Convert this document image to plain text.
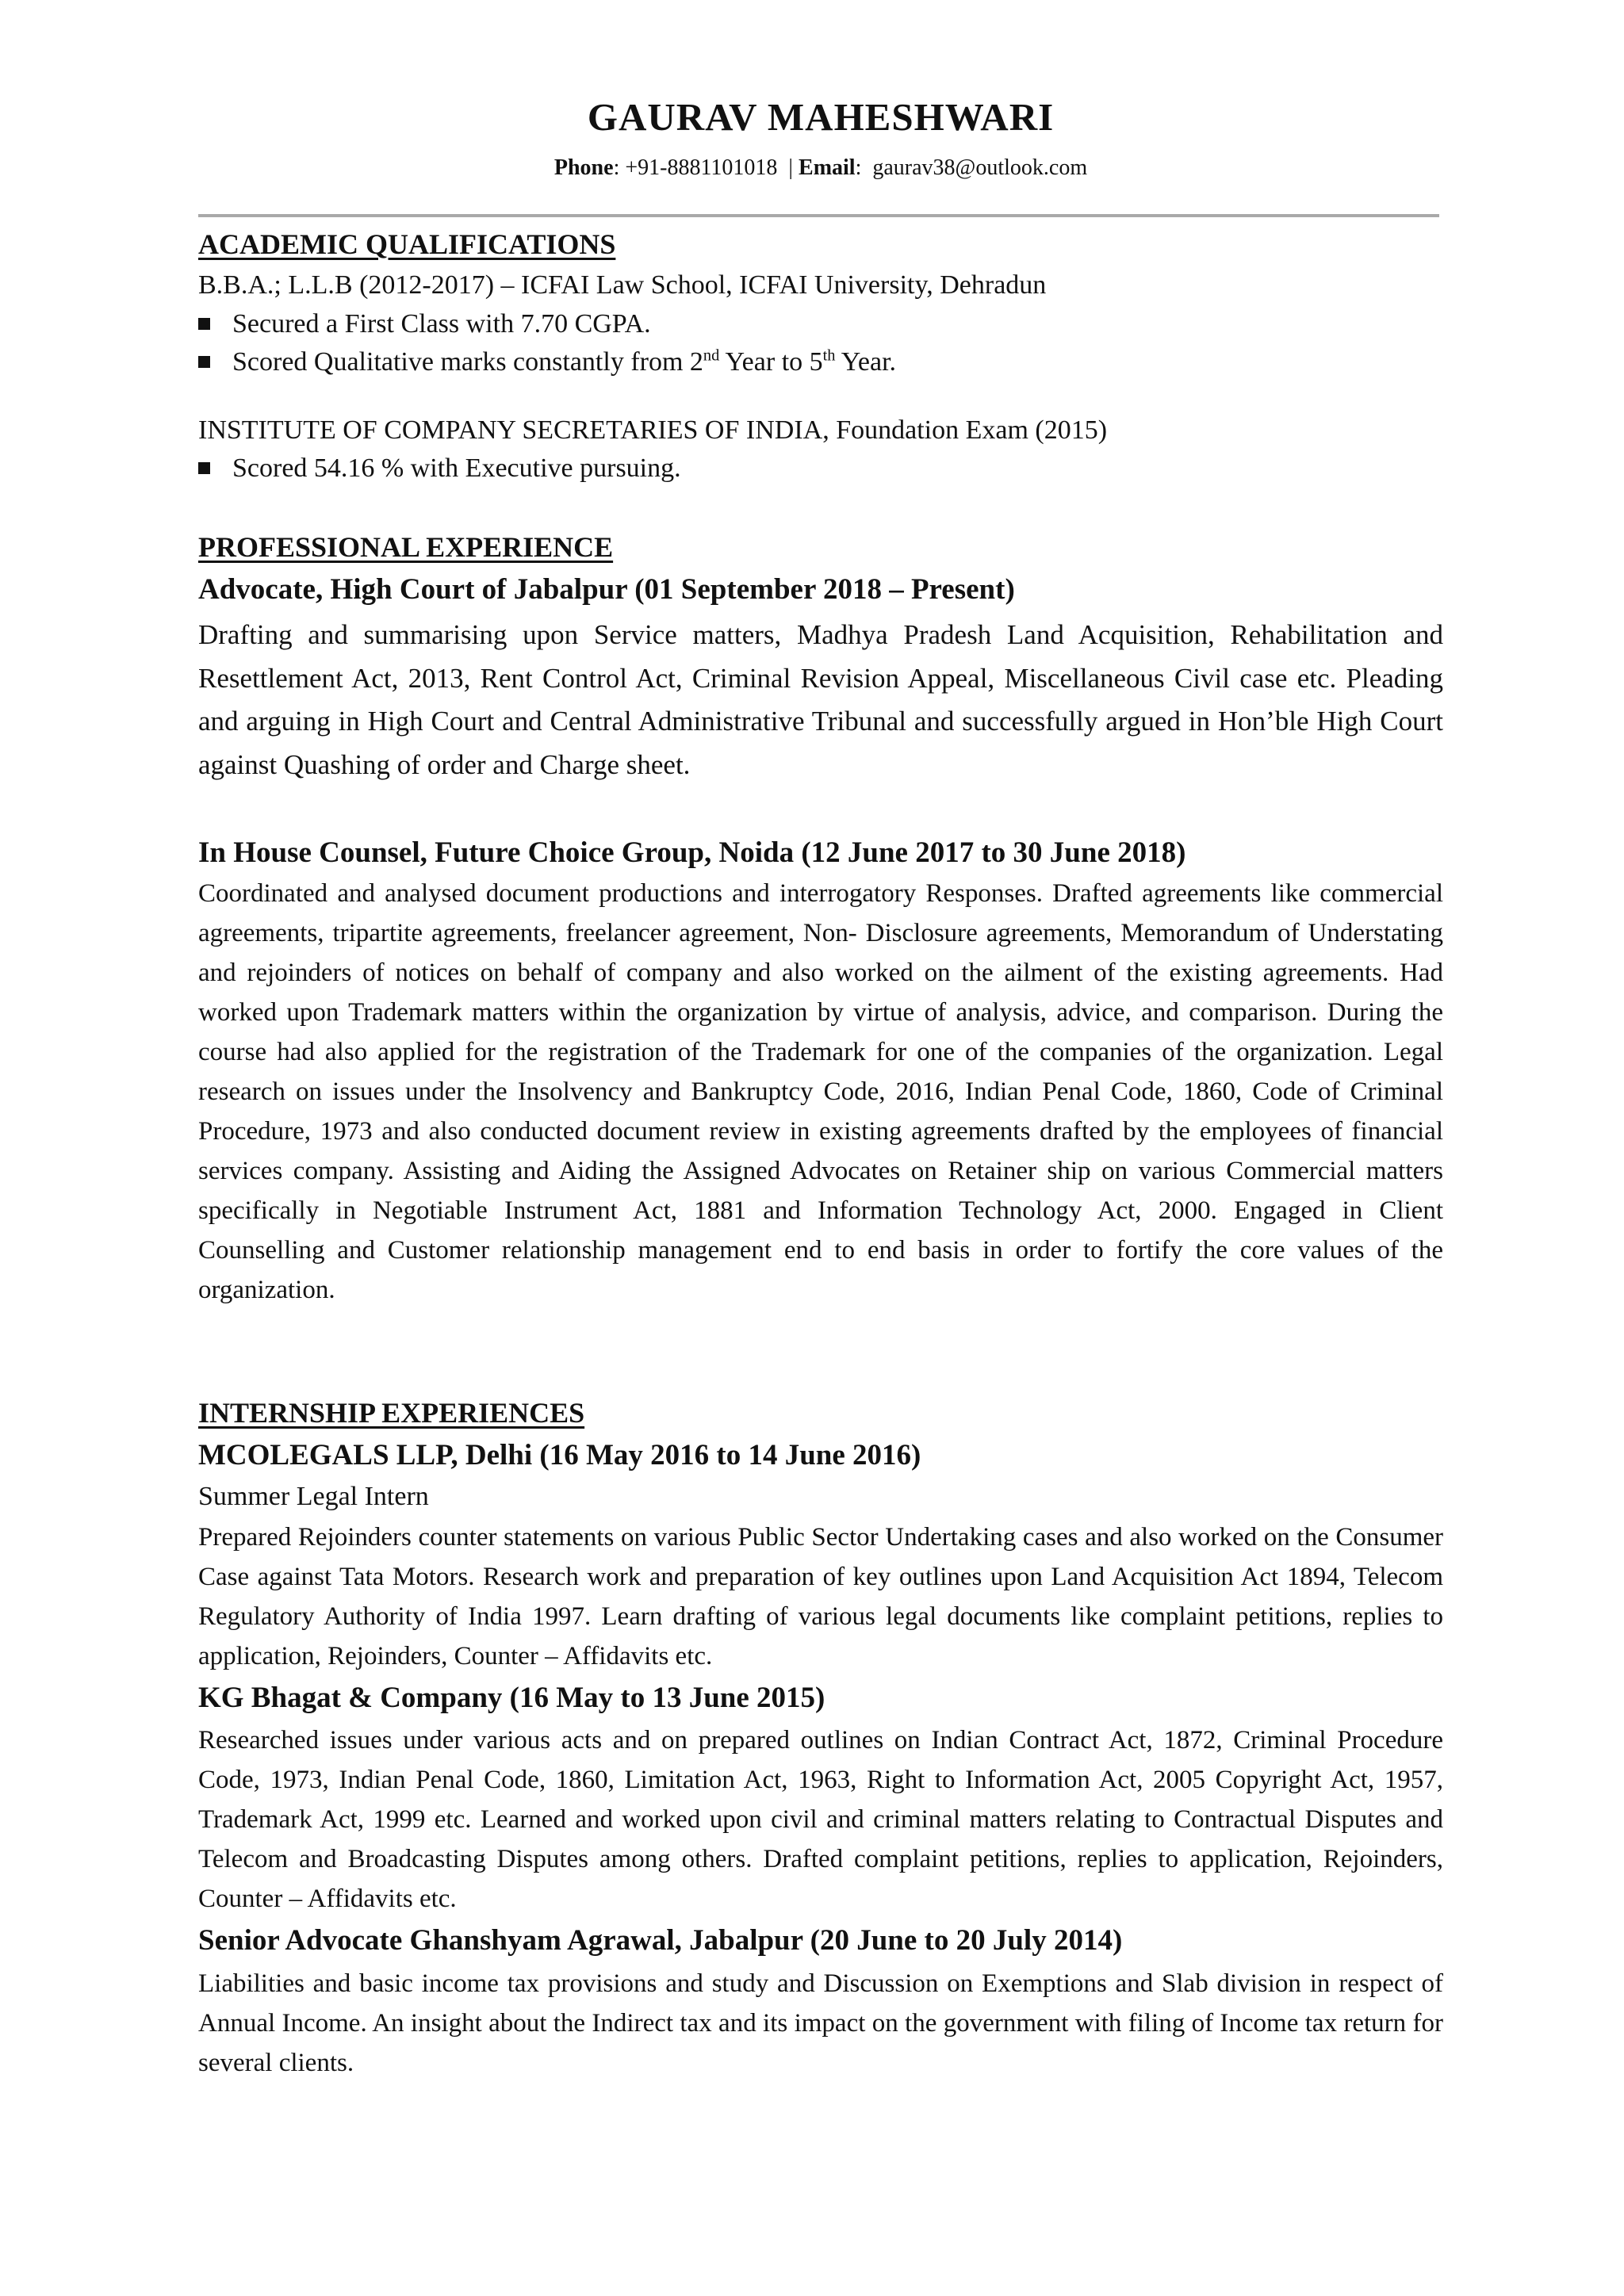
GAURAV MAHESHWARI
Phone: +91-8881101018  | Email:  gaurav38@outlook.com
ACADEMIC QUALIFICATIONS
B.B.A.; L.L.B (2012-2017) – ICFAI Law School, ICFAI University, Dehradun
Secured a First Class with 7.70 CGPA.
Scored Qualitative marks constantly from 2nd Year to 5th Year.
INSTITUTE OF COMPANY SECRETARIES OF INDIA, Foundation Exam (2015)
Scored 54.16 % with Executive pursuing.
PROFESSIONAL EXPERIENCE
Advocate, High Court of Jabalpur (01 September 2018 – Present)
Drafting and summarising upon Service matters, Madhya Pradesh Land Acquisition, Rehabilitation and Resettlement Act, 2013, Rent Control Act, Criminal Revision Appeal, Miscellaneous Civil case etc. Pleading and arguing in High Court and Central Administrative Tribunal and successfully argued in Hon’ble High Court against Quashing of order and Charge sheet.
In House Counsel, Future Choice Group, Noida (12 June 2017 to 30 June 2018)
Coordinated and analysed document productions and interrogatory Responses. Drafted agreements like commercial agreements, tripartite agreements, freelancer agreement, Non- Disclosure agreements, Memorandum of Understating and rejoinders of notices on behalf of company and also worked on the ailment of the existing agreements. Had worked upon Trademark matters within the organization by virtue of analysis, advice, and comparison. During the course had also applied for the registration of the Trademark for one of the companies of the organization. Legal research on issues under the Insolvency and Bankruptcy Code, 2016, Indian Penal Code, 1860, Code of Criminal Procedure, 1973 and also conducted document review in existing agreements drafted by the employees of financial services company. Assisting and Aiding the Assigned Advocates on Retainer ship on various Commercial matters specifically in Negotiable Instrument Act, 1881 and Information Technology Act, 2000. Engaged in Client Counselling and Customer relationship management end to end basis in order to fortify the core values of the organization.
INTERNSHIP EXPERIENCES
MCOLEGALS LLP, Delhi (16 May 2016 to 14 June 2016)
Summer Legal Intern
Prepared Rejoinders counter statements on various Public Sector Undertaking cases and also worked on the Consumer Case against Tata Motors. Research work and preparation of key outlines upon Land Acquisition Act 1894, Telecom Regulatory Authority of India 1997. Learn drafting of various legal documents like complaint petitions, replies to application, Rejoinders, Counter – Affidavits etc.
KG Bhagat & Company (16 May to 13 June 2015)
Researched issues under various acts and on prepared outlines on Indian Contract Act, 1872, Criminal Procedure Code, 1973, Indian Penal Code, 1860, Limitation Act, 1963, Right to Information Act, 2005 Copyright Act, 1957, Trademark Act, 1999 etc. Learned and worked upon civil and criminal matters relating to Contractual Disputes and Telecom and Broadcasting Disputes among others. Drafted complaint petitions, replies to application, Rejoinders, Counter – Affidavits etc.
Senior Advocate Ghanshyam Agrawal, Jabalpur (20 June to 20 July 2014)
Liabilities and basic income tax provisions and study and Discussion on Exemptions and Slab division in respect of Annual Income. An insight about the Indirect tax and its impact on the government with filing of Income tax return for several clients.
